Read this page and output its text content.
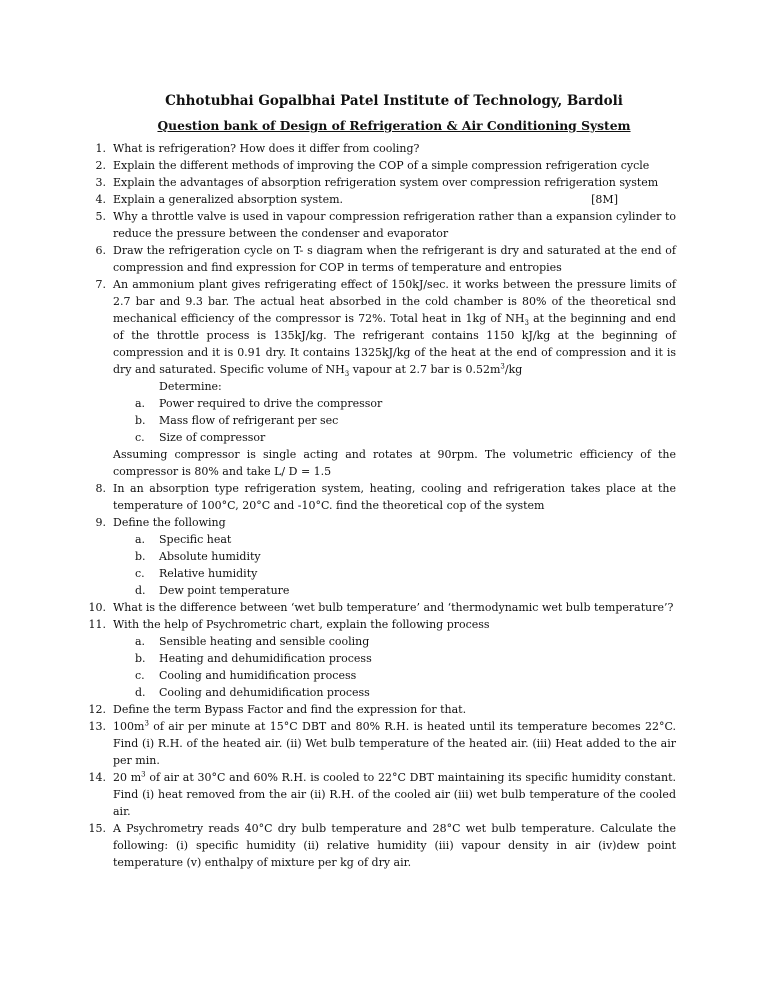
Chhotubhai Gopalbhai Patel Institute of Technology, Bardoli
Question bank of Design of Refrigeration & Air Conditioning System
1. What is refrigeration? How does it differ from cooling?
2. Explain the different methods of improving the COP of a simple compression refrigeration cycle
3. Explain the advantages of absorption refrigeration system over compression refrigeration system
4. Explain a generalized absorption system.	[8M]
5. Why a throttle valve is used in vapour compression refrigeration rather than a expansion cylinder to reduce the pressure between the condenser and evaporator
6. Draw the refrigeration cycle on T- s diagram when the refrigerant is dry and saturated at the end of compression and find expression for COP in terms of temperature and entropies
7. An ammonium plant gives refrigerating effect of 150kJ/sec. it works between the pressure limits of 2.7 bar and 9.3 bar. The actual heat absorbed in the cold chamber is 80% of the theoretical snd mechanical efficiency of the compressor is 72%. Total heat in 1kg of $NH_3$ at the beginning and end of the throttle process is 135kJ/kg. The refrigerant contains 1150 kJ/kg at the beginning of compression and it is 0.91 dry. It contains 1325kJ/kg of the heat at the end of compression and it is dry and saturated. Specific volume of $NH_3$ vapour at 2.7 bar is $0.52m^3/kg$
Determine:
a. Power required to drive the compressor
b. Mass flow of refrigerant per sec
c. Size of compressor
Assuming compressor is single acting and rotates at 90rpm. The volumetric efficiency of the compressor is 80% and take L/ D = 1.5
8. In an absorption type refrigeration system, heating, cooling and refrigeration takes place at the temperature of 100°C, 20°C and -10°C. find the theoretical cop of the system
9. Define the following
a. Specific heat
b. Absolute humidity
c. Relative humidity
d. Dew point temperature
10. What is the difference between ‘wet bulb temperature’ and ‘thermodynamic wet bulb temperature’?
11. With the help of Psychrometric chart, explain the following process
a. Sensible heating and sensible cooling
b. Heating and dehumidification process
c. Cooling and humidification process
d. Cooling and dehumidification process
12. Define the term Bypass Factor and find the expression for that.
13. $100m^3$ of air per minute at 15°C DBT and 80% R.H. is heated until its temperature becomes 22°C. Find (i) R.H. of the heated air. (ii) Wet bulb temperature of the heated air. (iii) Heat added to the air per min.
14. 20 $m^3$ of air at 30°C and 60% R.H. is cooled to 22°C DBT maintaining its specific humidity constant. Find (i) heat removed from the air (ii) R.H. of the cooled air (iii) wet bulb temperature of the cooled air.
15. A Psychrometry reads 40°C dry bulb temperature and 28°C wet bulb temperature. Calculate the following: (i) specific humidity (ii) relative humidity (iii) vapour density in air (iv)dew point temperature (v) enthalpy of mixture per kg of dry air.
